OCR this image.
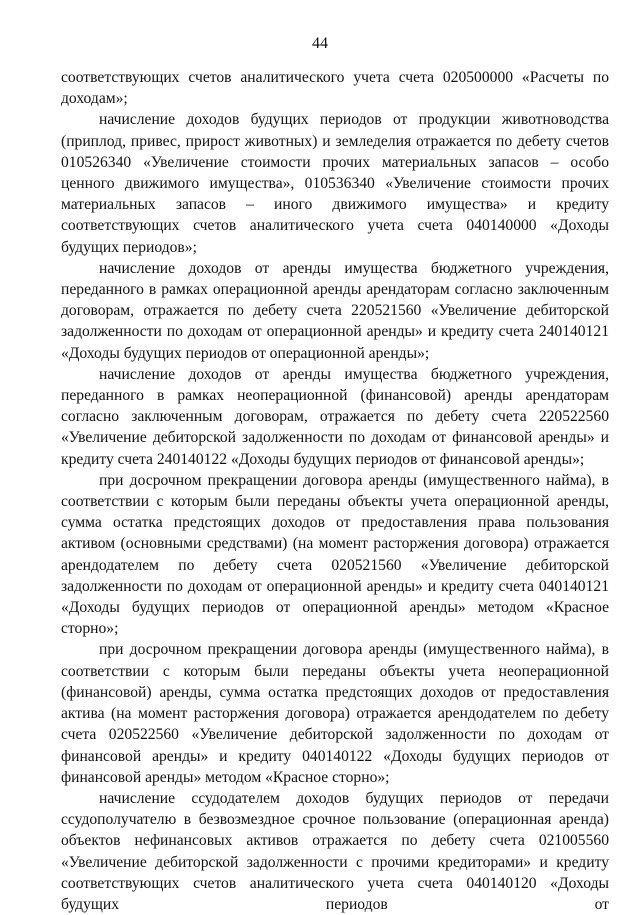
44

соответствующих счетов аналитического учета счета 020500000 «Расчеты по доходам»;

начисление доходов будущих периодов от продукции животноводства (приплод, привес, прирост животных) и земледелия отражается по дебету счетов 010526340 «Увеличение стоимости прочих материальных запасов – особо ценного движимого имущества», 010536340 «Увеличение стоимости прочих материальных запасов – иного движимого имущества» и кредиту соответствующих счетов аналитического учета счета 040140000 «Доходы будущих периодов»;

начисление доходов от аренды имущества бюджетного учреждения, переданного в рамках операционной аренды арендаторам согласно заключенным договорам, отражается по дебету счета 220521560 «Увеличение дебиторской задолженности по доходам от операционной аренды» и кредиту счета 240140121 «Доходы будущих периодов от операционной аренды»;

начисление доходов от аренды имущества бюджетного учреждения, переданного в рамках неоперационной (финансовой) аренды арендаторам согласно заключенным договорам, отражается по дебету счета 220522560 «Увеличение дебиторской задолженности по доходам от финансовой аренды» и кредиту счета 240140122 «Доходы будущих периодов от финансовой аренды»;

при досрочном прекращении договора аренды (имущественного найма), в соответствии с которым были переданы объекты учета операционной аренды, сумма остатка предстоящих доходов от предоставления права пользования активом (основными средствами) (на момент расторжения договора) отражается арендодателем по дебету счета 020521560 «Увеличение дебиторской задолженности по доходам от операционной аренды» и кредиту счета 040140121 «Доходы будущих периодов от операционной аренды» методом «Красное сторно»;

при досрочном прекращении договора аренды (имущественного найма), в соответствии с которым были переданы объекты учета неоперационной (финансовой) аренды, сумма остатка предстоящих доходов от предоставления актива (на момент расторжения договора) отражается арендодателем по дебету счета 020522560 «Увеличение дебиторской задолженности по доходам от финансовой аренды» и кредиту 040140122 «Доходы будущих периодов от финансовой аренды» методом «Красное сторно»;

начисление ссудодателем доходов будущих периодов от передачи ссудополучателю в безвозмездное срочное пользование (операционная аренда) объектов нефинансовых активов отражается по дебету счета 021005560 «Увеличение дебиторской задолженности с прочими кредиторами» и кредиту соответствующих счетов аналитического учета счета 040140120 «Доходы будущих периодов от
